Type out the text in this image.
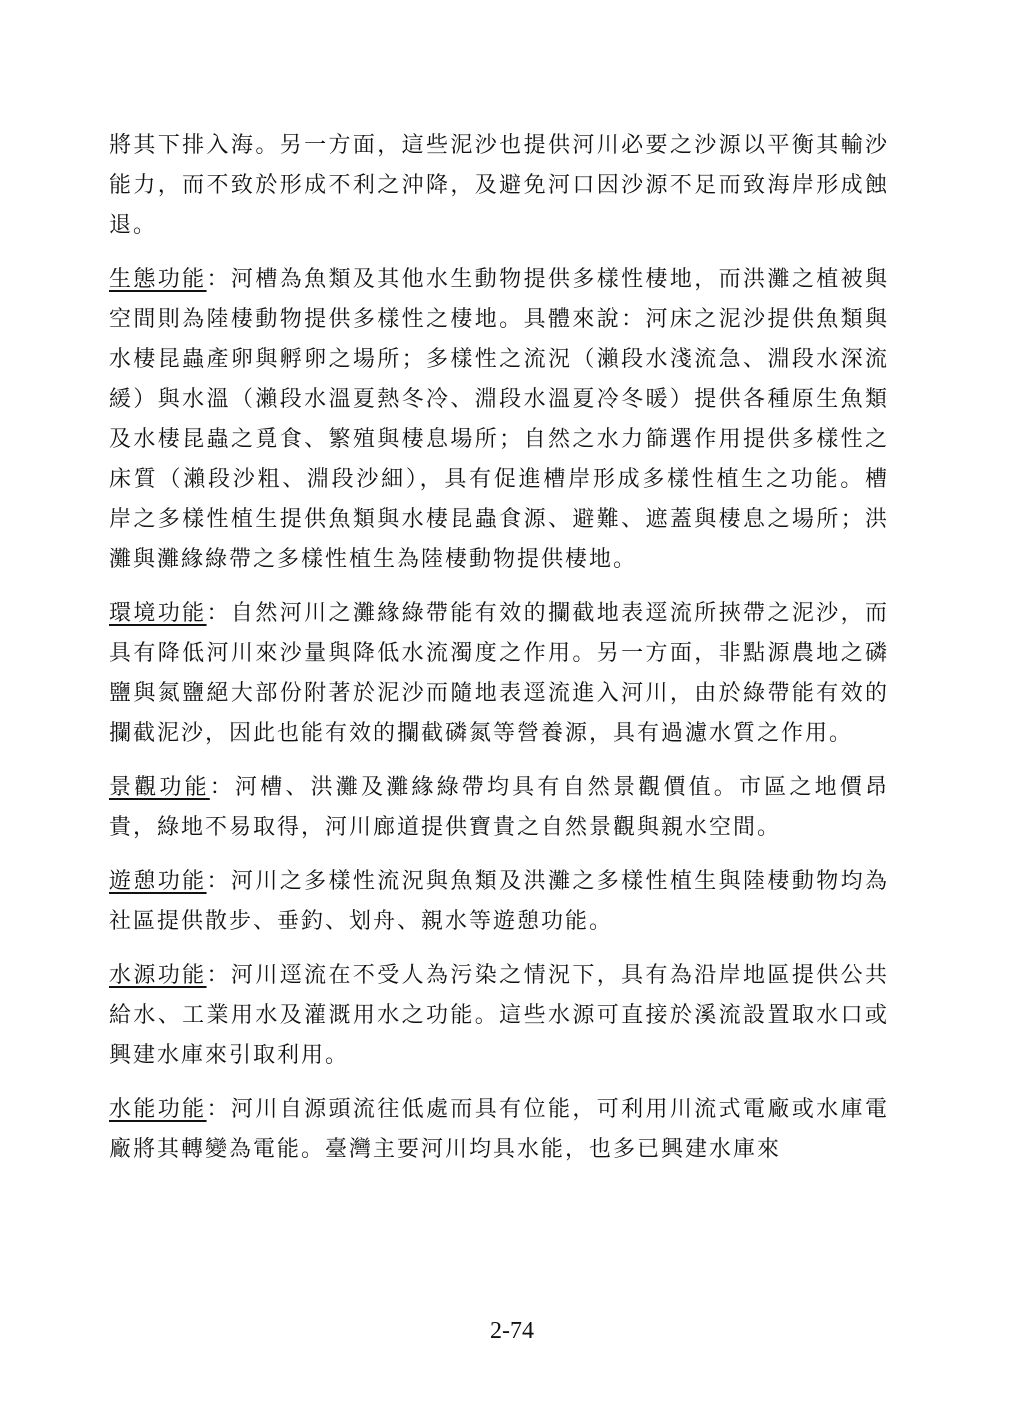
將其下排入海。另一方面，這些泥沙也提供河川必要之沙源以平衡其輸沙能力，而不致於形成不利之沖降，及避免河口因沙源不足而致海岸形成蝕退。

生態功能：河槽為魚類及其他水生動物提供多樣性棲地，而洪灘之植被與空間則為陸棲動物提供多樣性之棲地。具體來說：河床之泥沙提供魚類與水棲昆蟲產卵與孵卵之場所；多樣性之流況（瀨段水淺流急、淵段水深流緩）與水溫（瀨段水溫夏熱冬冷、淵段水溫夏冷冬暖）提供各種原生魚類及水棲昆蟲之覓食、繁殖與棲息場所；自然之水力篩選作用提供多樣性之床質（瀨段沙粗、淵段沙細），具有促進槽岸形成多樣性植生之功能。槽岸之多樣性植生提供魚類與水棲昆蟲食源、避難、遮蓋與棲息之場所；洪灘與灘緣綠帶之多樣性植生為陸棲動物提供棲地。

環境功能：自然河川之灘緣綠帶能有效的攔截地表逕流所挾帶之泥沙，而具有降低河川來沙量與降低水流濁度之作用。另一方面，非點源農地之磷鹽與氮鹽絕大部份附著於泥沙而隨地表逕流進入河川，由於綠帶能有效的攔截泥沙，因此也能有效的攔截磷氮等營養源，具有過濾水質之作用。

景觀功能：河槽、洪灘及灘緣綠帶均具有自然景觀價值。市區之地價昂貴，綠地不易取得，河川廊道提供寶貴之自然景觀與親水空間。

遊憩功能：河川之多樣性流況與魚類及洪灘之多樣性植生與陸棲動物均為社區提供散步、垂釣、划舟、親水等遊憩功能。

水源功能：河川逕流在不受人為污染之情況下，具有為沿岸地區提供公共給水、工業用水及灌溉用水之功能。這些水源可直接於溪流設置取水口或興建水庫來引取利用。

水能功能：河川自源頭流往低處而具有位能，可利用川流式電廠或水庫電廠將其轉變為電能。臺灣主要河川均具水能，也多已興建水庫來

2-74
